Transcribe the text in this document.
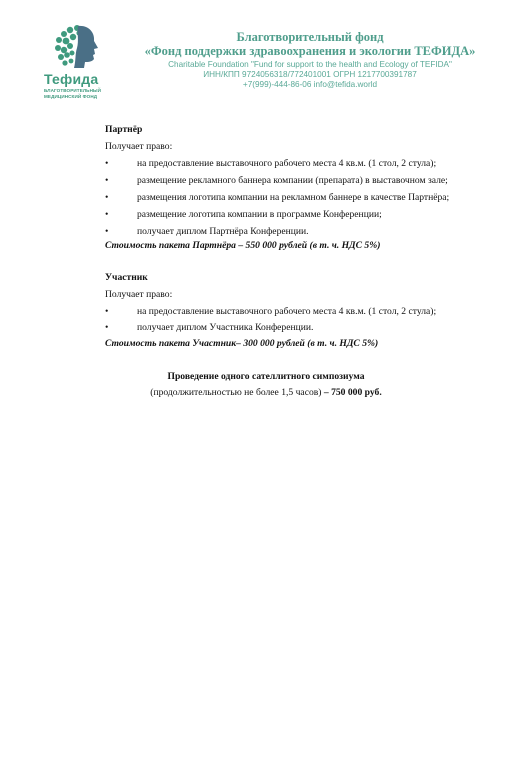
Тефида
БЛАГОТВОРИТЕЛЬНЫЙ МЕДИЦИНСКИЙ ФОНД
Благотворительный фонд
«Фонд поддержки здравоохранения и экологии ТЕФИДА»
Charitable Foundation "Fund for support to the health and Ecology of TEFIDA"
ИНН/КПП 9724056318/772401001 ОГРН 1217700391787
+7(999)-444-86-06 info@tefida.world
Партнёр
Получает право:
•	на предоставление выставочного рабочего места 4 кв.м. (1 стол, 2 стула);
•	размещение рекламного баннера компании (препарата) в выставочном зале;
•	размещения логотипа компании на рекламном баннере в качестве Партнёра;
•	размещение логотипа компании в программе Конференции;
•	получает диплом Партнёра Конференции.
Стоимость пакета Партнёра – 550 000 рублей (в т. ч. НДС 5%)
Участник
Получает право:
•	на предоставление выставочного рабочего места 4 кв.м. (1 стол, 2 стула);
•	получает диплом Участника Конференции.
Стоимость пакета Участник– 300 000 рублей (в т. ч. НДС 5%)
Проведение одного сателлитного симпозиума
(продолжительностью не более 1,5 часов) – 750 000 руб.
